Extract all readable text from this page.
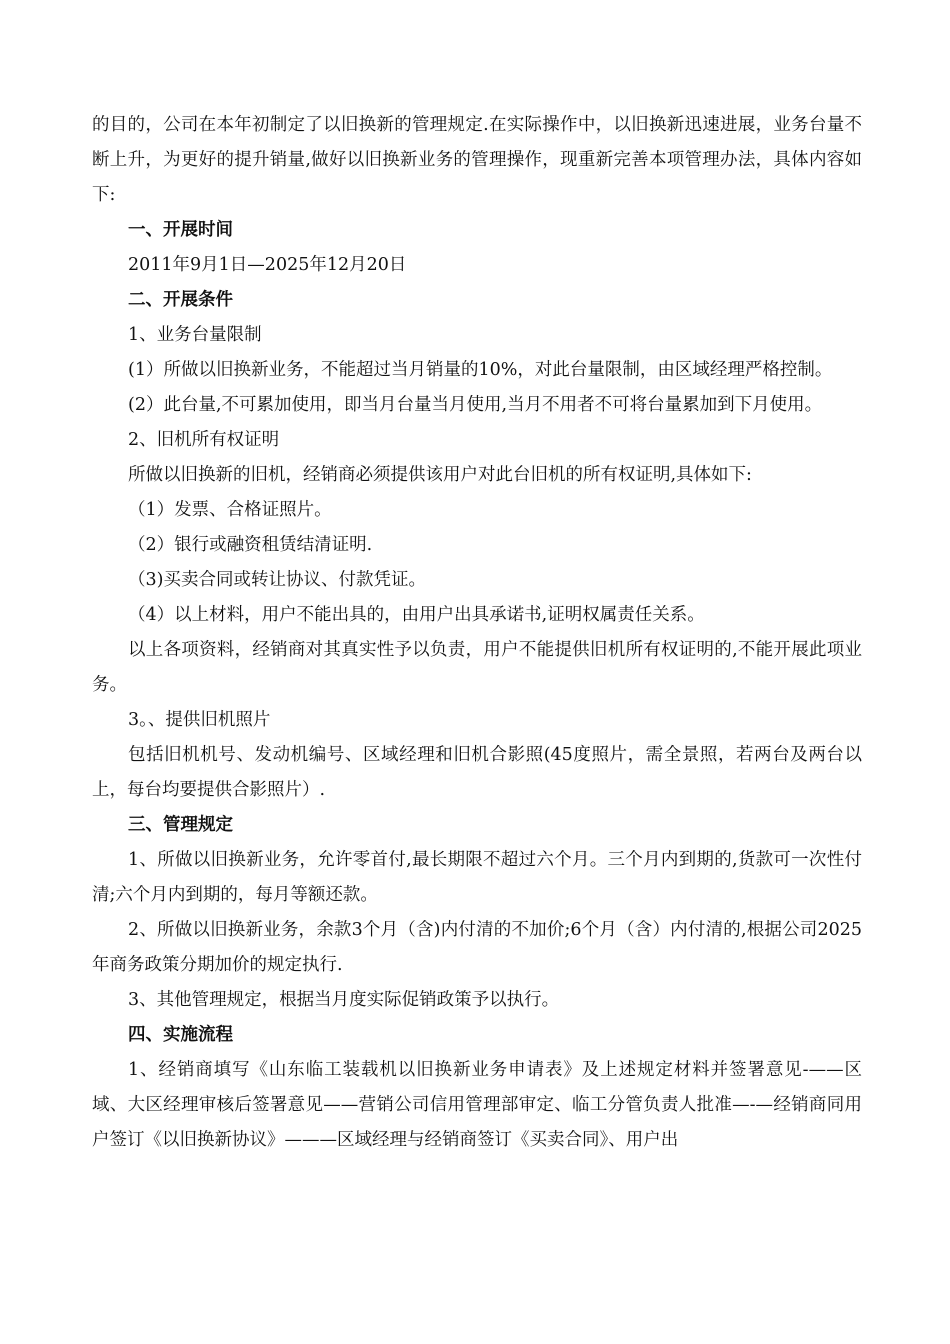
的目的，公司在本年初制定了以旧换新的管理规定.在实际操作中，以旧换新迅速进展，业务台量不断上升，为更好的提升销量,做好以旧换新业务的管理操作，现重新完善本项管理办法，具体内容如下:

一、开展时间

2011年9月1日—2025年12月20日

二、开展条件

1、业务台量限制

(1）所做以旧换新业务，不能超过当月销量的10%，对此台量限制，由区域经理严格控制。

(2）此台量,不可累加使用，即当月台量当月使用,当月不用者不可将台量累加到下月使用。

2、旧机所有权证明

所做以旧换新的旧机，经销商必须提供该用户对此台旧机的所有权证明,具体如下:

（1）发票、合格证照片。

（2）银行或融资租赁结清证明.

（3)买卖合同或转让协议、付款凭证。

（4）以上材料，用户不能出具的，由用户出具承诺书,证明权属责任关系。

以上各项资料，经销商对其真实性予以负责，用户不能提供旧机所有权证明的,不能开展此项业务。

3。、提供旧机照片

包括旧机机号、发动机编号、区域经理和旧机合影照(45度照片，需全景照，若两台及两台以上，每台均要提供合影照片）.

三、管理规定

1、所做以旧换新业务，允许零首付,最长期限不超过六个月。三个月内到期的,货款可一次性付清;六个月内到期的，每月等额还款。

2、所做以旧换新业务，余款3个月（含)内付清的不加价;6个月（含）内付清的,根据公司2025年商务政策分期加价的规定执行.

3、其他管理规定，根据当月度实际促销政策予以执行。

四、实施流程

1、经销商填写《山东临工装载机以旧换新业务申请表》及上述规定材料并签署意见-——区域、大区经理审核后签署意见——营销公司信用管理部审定、临工分管负责人批准—-—经销商同用户签订《以旧换新协议》———区域经理与经销商签订《买卖合同》、用户出
